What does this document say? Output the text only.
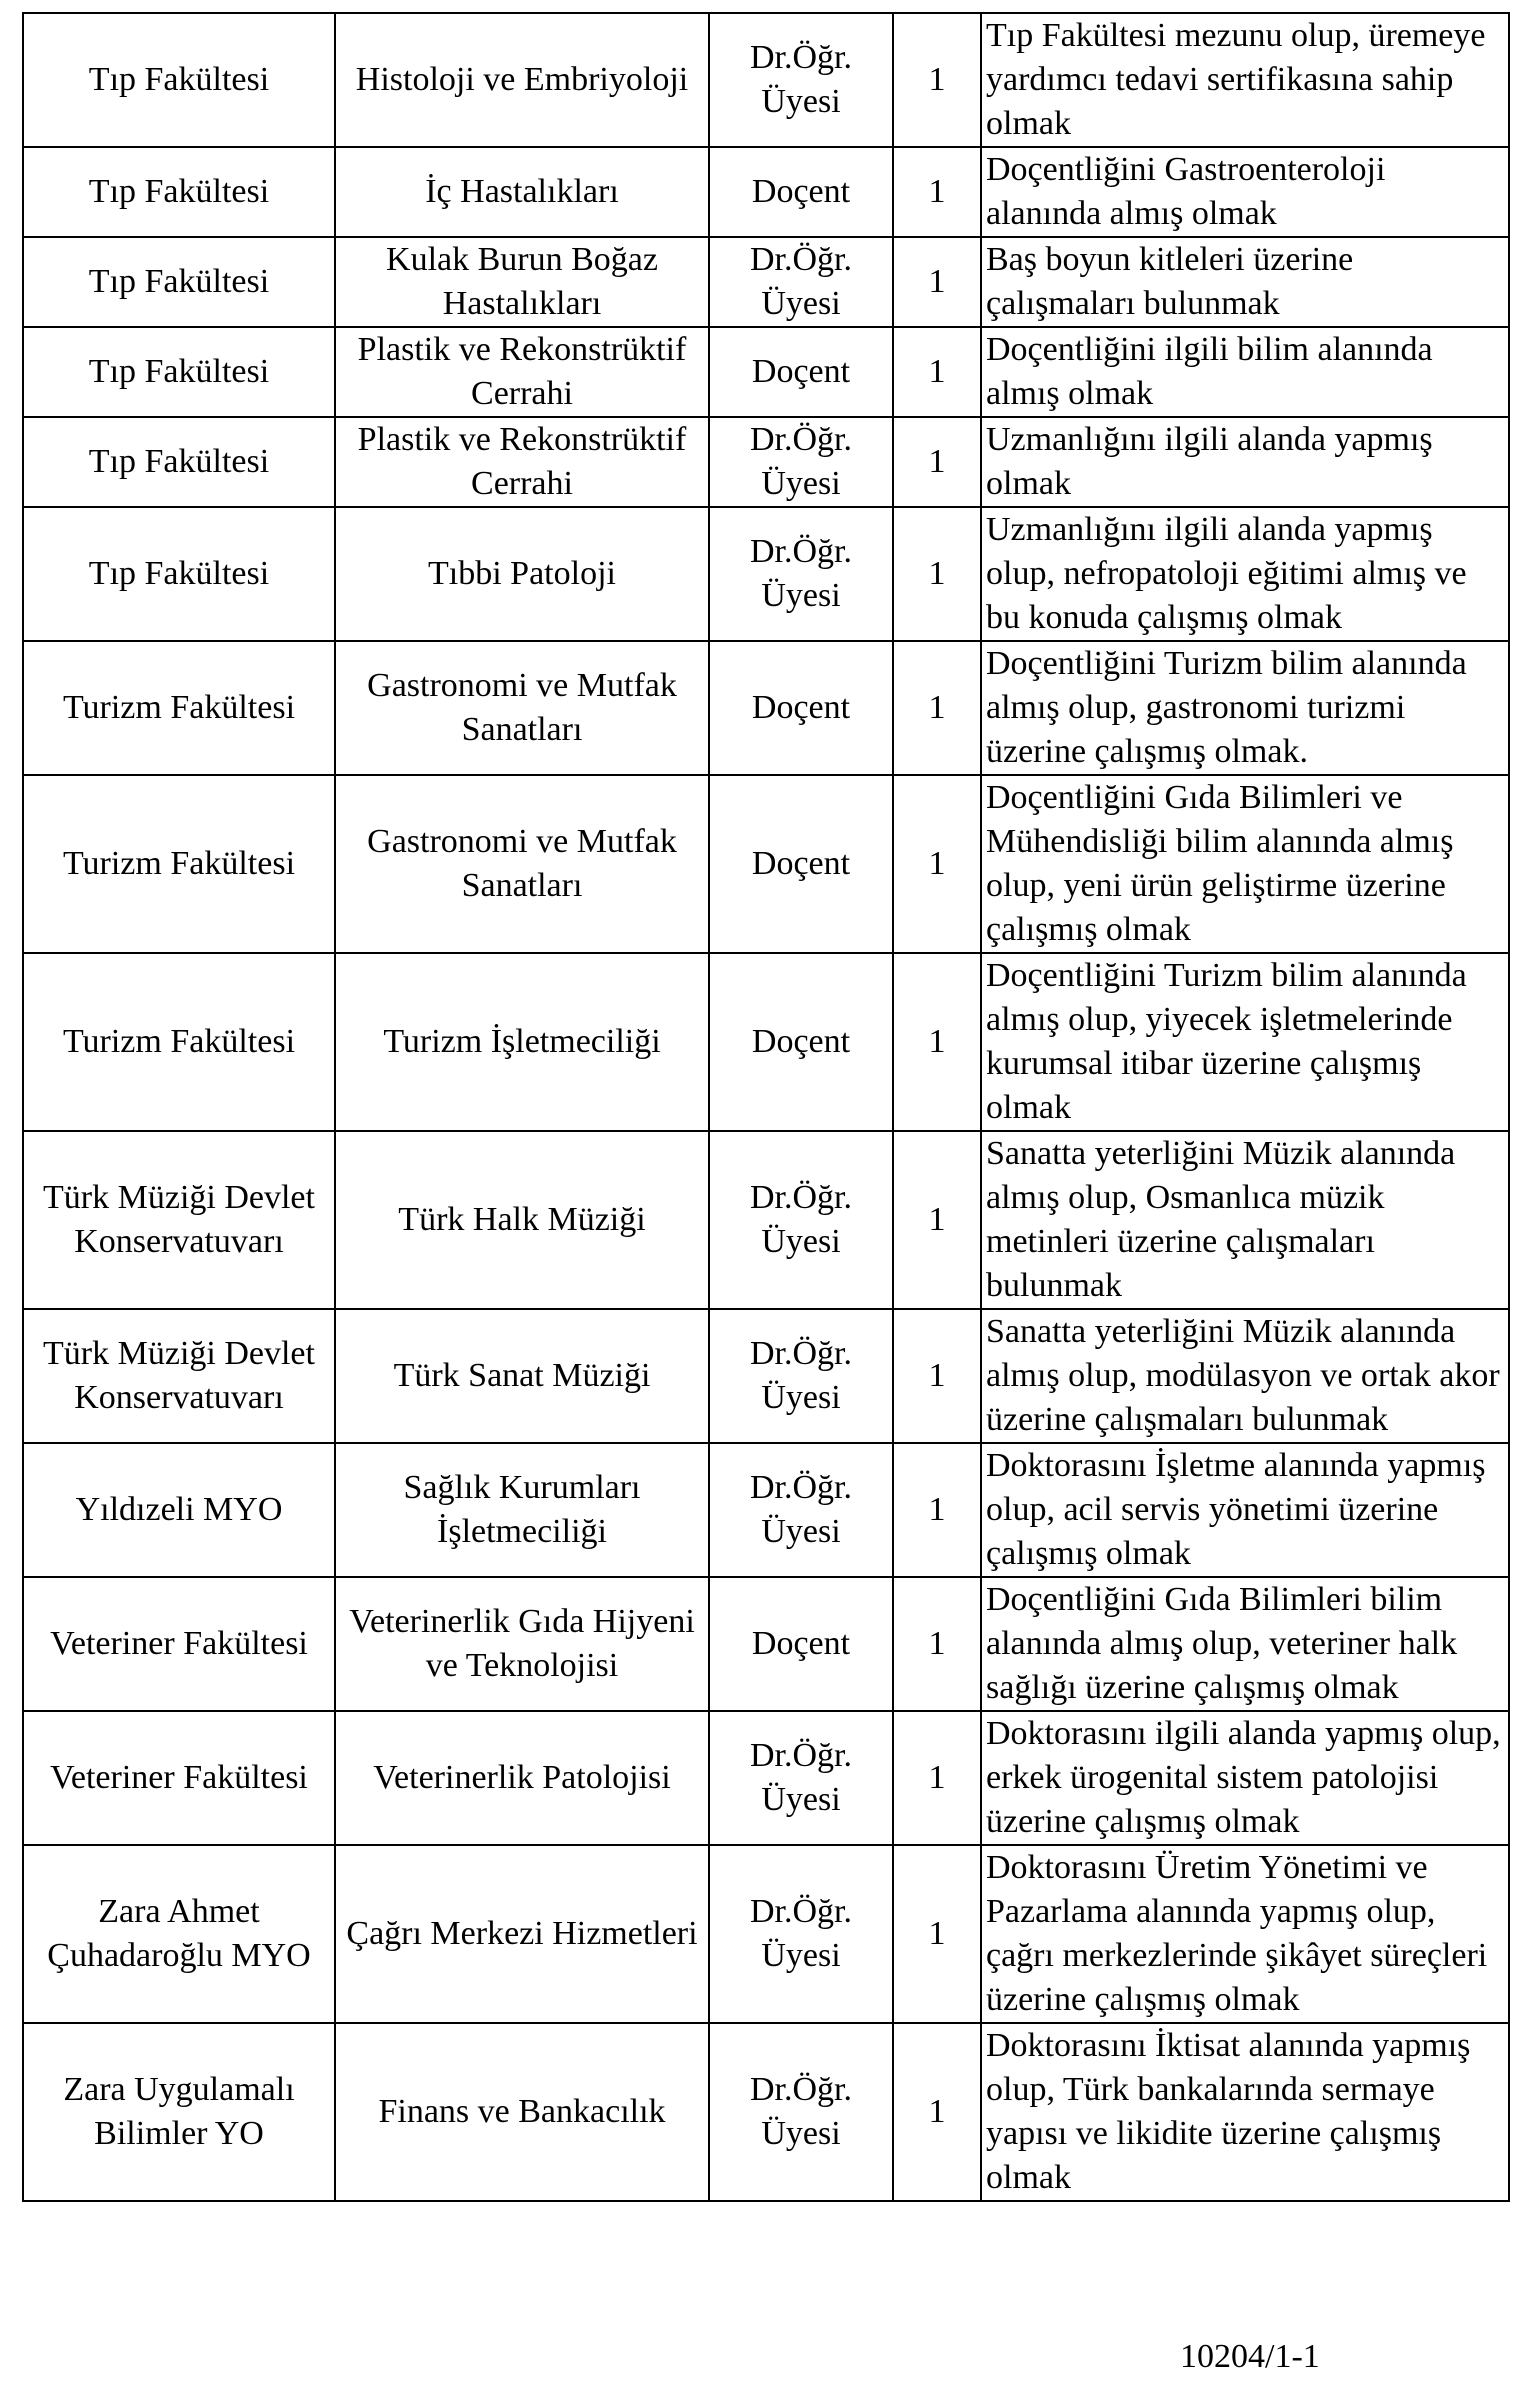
Tıp Fakültesi	Histoloji ve Embriyoloji	Dr.Öğr. Üyesi	1	Tıp Fakültesi mezunu olup, üremeye yardımcı tedavi sertifikasına sahip olmak
Tıp Fakültesi	İç Hastalıkları	Doçent	1	Doçentliğini Gastroenteroloji alanında almış olmak
Tıp Fakültesi	Kulak Burun Boğaz Hastalıkları	Dr.Öğr. Üyesi	1	Baş boyun kitleleri üzerine çalışmaları bulunmak
Tıp Fakültesi	Plastik ve Rekonstrüktif Cerrahi	Doçent	1	Doçentliğini ilgili bilim alanında almış olmak
Tıp Fakültesi	Plastik ve Rekonstrüktif Cerrahi	Dr.Öğr. Üyesi	1	Uzmanlığını ilgili alanda yapmış olmak
Tıp Fakültesi	Tıbbi Patoloji	Dr.Öğr. Üyesi	1	Uzmanlığını ilgili alanda yapmış olup, nefropatoloji eğitimi almış ve bu konuda çalışmış olmak
Turizm Fakültesi	Gastronomi ve Mutfak Sanatları	Doçent	1	Doçentliğini Turizm bilim alanında almış olup, gastronomi turizmi üzerine çalışmış olmak.
Turizm Fakültesi	Gastronomi ve Mutfak Sanatları	Doçent	1	Doçentliğini Gıda Bilimleri ve Mühendisliği bilim alanında almış olup, yeni ürün geliştirme üzerine çalışmış olmak
Turizm Fakültesi	Turizm İşletmeciliği	Doçent	1	Doçentliğini Turizm bilim alanında almış olup, yiyecek işletmelerinde kurumsal itibar üzerine çalışmış olmak
Türk Müziği Devlet Konservatuvarı	Türk Halk Müziği	Dr.Öğr. Üyesi	1	Sanatta yeterliğini Müzik alanında almış olup, Osmanlıca müzik metinleri üzerine çalışmaları bulunmak
Türk Müziği Devlet Konservatuvarı	Türk Sanat Müziği	Dr.Öğr. Üyesi	1	Sanatta yeterliğini Müzik alanında almış olup, modülasyon ve ortak akor üzerine çalışmaları bulunmak
Yıldızeli MYO	Sağlık Kurumları İşletmeciliği	Dr.Öğr. Üyesi	1	Doktorasını İşletme alanında yapmış olup, acil servis yönetimi üzerine çalışmış olmak
Veteriner Fakültesi	Veterinerlik Gıda Hijyeni ve Teknolojisi	Doçent	1	Doçentliğini Gıda Bilimleri bilim alanında almış olup, veteriner halk sağlığı üzerine çalışmış olmak
Veteriner Fakültesi	Veterinerlik Patolojisi	Dr.Öğr. Üyesi	1	Doktorasını ilgili alanda yapmış olup, erkek ürogenital sistem patolojisi üzerine çalışmış olmak
Zara Ahmet Çuhadaroğlu MYO	Çağrı Merkezi Hizmetleri	Dr.Öğr. Üyesi	1	Doktorasını Üretim Yönetimi ve Pazarlama alanında yapmış olup, çağrı merkezlerinde şikâyet süreçleri üzerine çalışmış olmak
Zara Uygulamalı Bilimler YO	Finans ve Bankacılık	Dr.Öğr. Üyesi	1	Doktorasını İktisat alanında yapmış olup, Türk bankalarında sermaye yapısı ve likidite üzerine çalışmış olmak
10204/1-1
